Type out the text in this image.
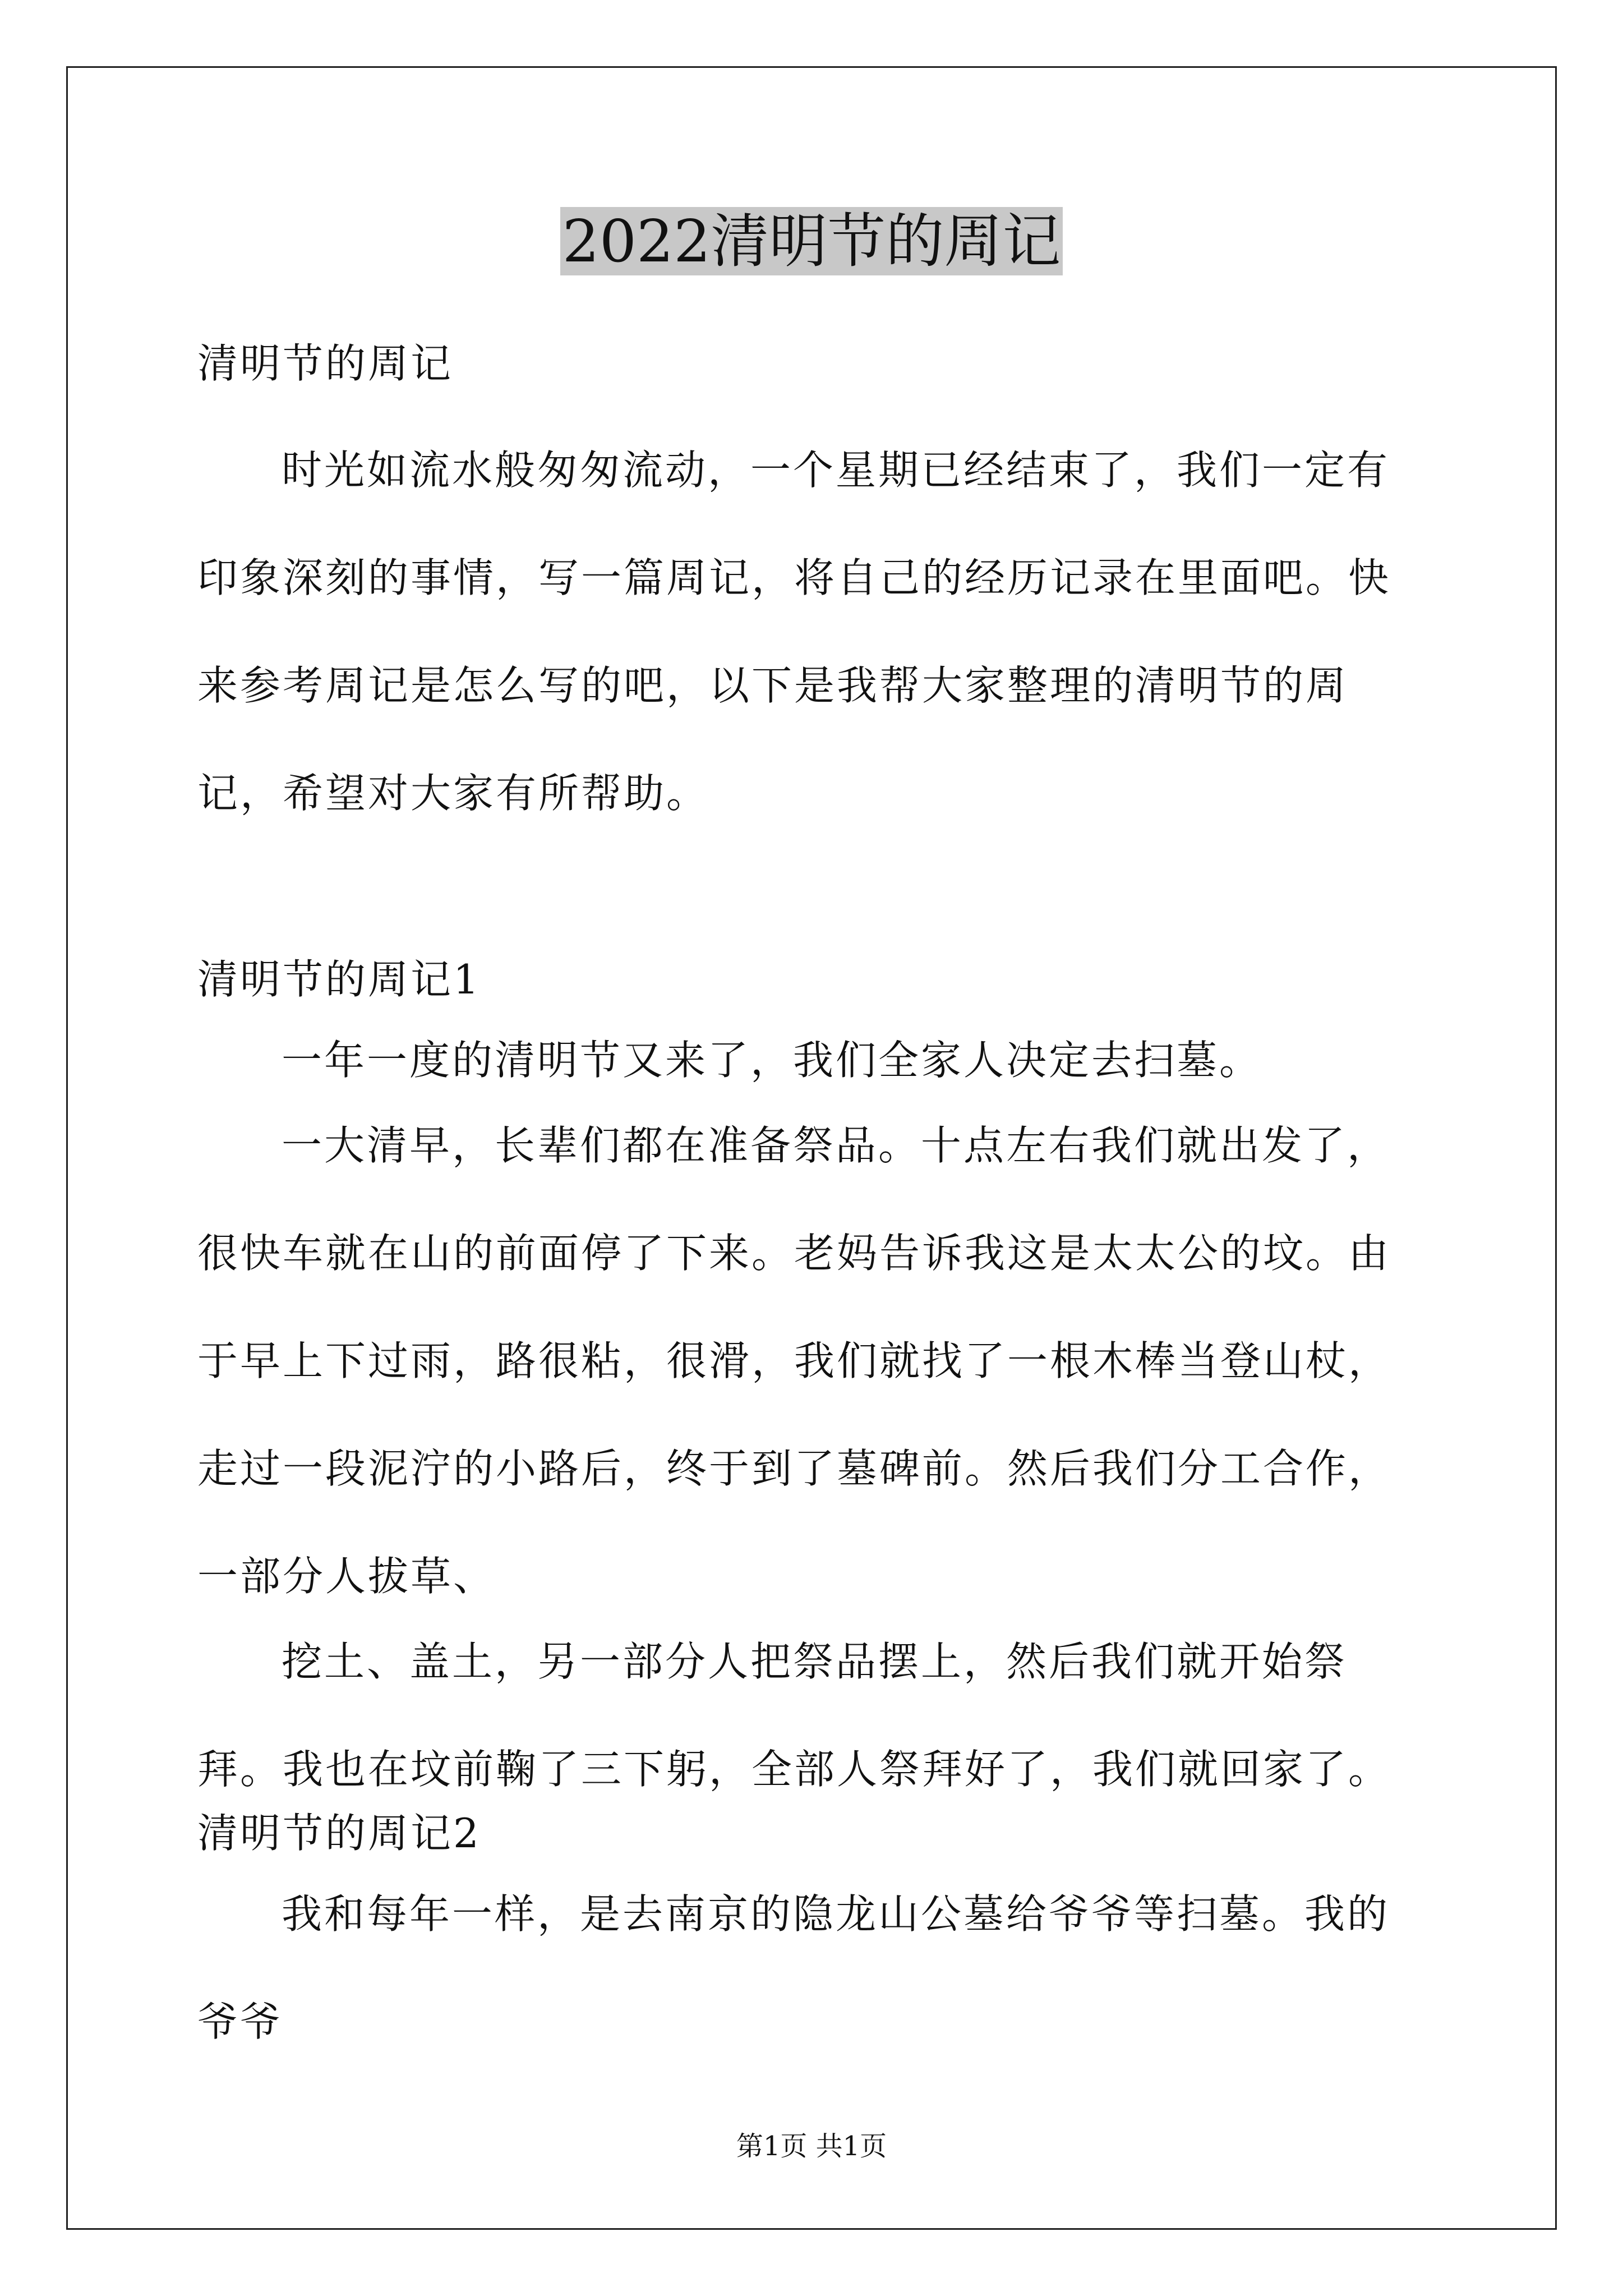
2022清明节的周记

清明节的周记

时光如流水般匆匆流动，一个星期已经结束了，我们一定有印象深刻的事情，写一篇周记，将自己的经历记录在里面吧。快来参考周记是怎么写的吧，以下是我帮大家整理的清明节的周记，希望对大家有所帮助。

清明节的周记1

一年一度的清明节又来了，我们全家人决定去扫墓。

一大清早，长辈们都在准备祭品。十点左右我们就出发了，很快车就在山的前面停了下来。老妈告诉我这是太太公的坟。由于早上下过雨，路很粘，很滑，我们就找了一根木棒当登山杖，走过一段泥泞的小路后，终于到了墓碑前。然后我们分工合作，一部分人拔草、

挖土、盖土，另一部分人把祭品摆上，然后我们就开始祭拜。我也在坟前鞠了三下躬，全部人祭拜好了，我们就回家了。

清明节的周记2

我和每年一样，是去南京的隐龙山公墓给爷爷等扫墓。我的爷爷

第1页 共1页
